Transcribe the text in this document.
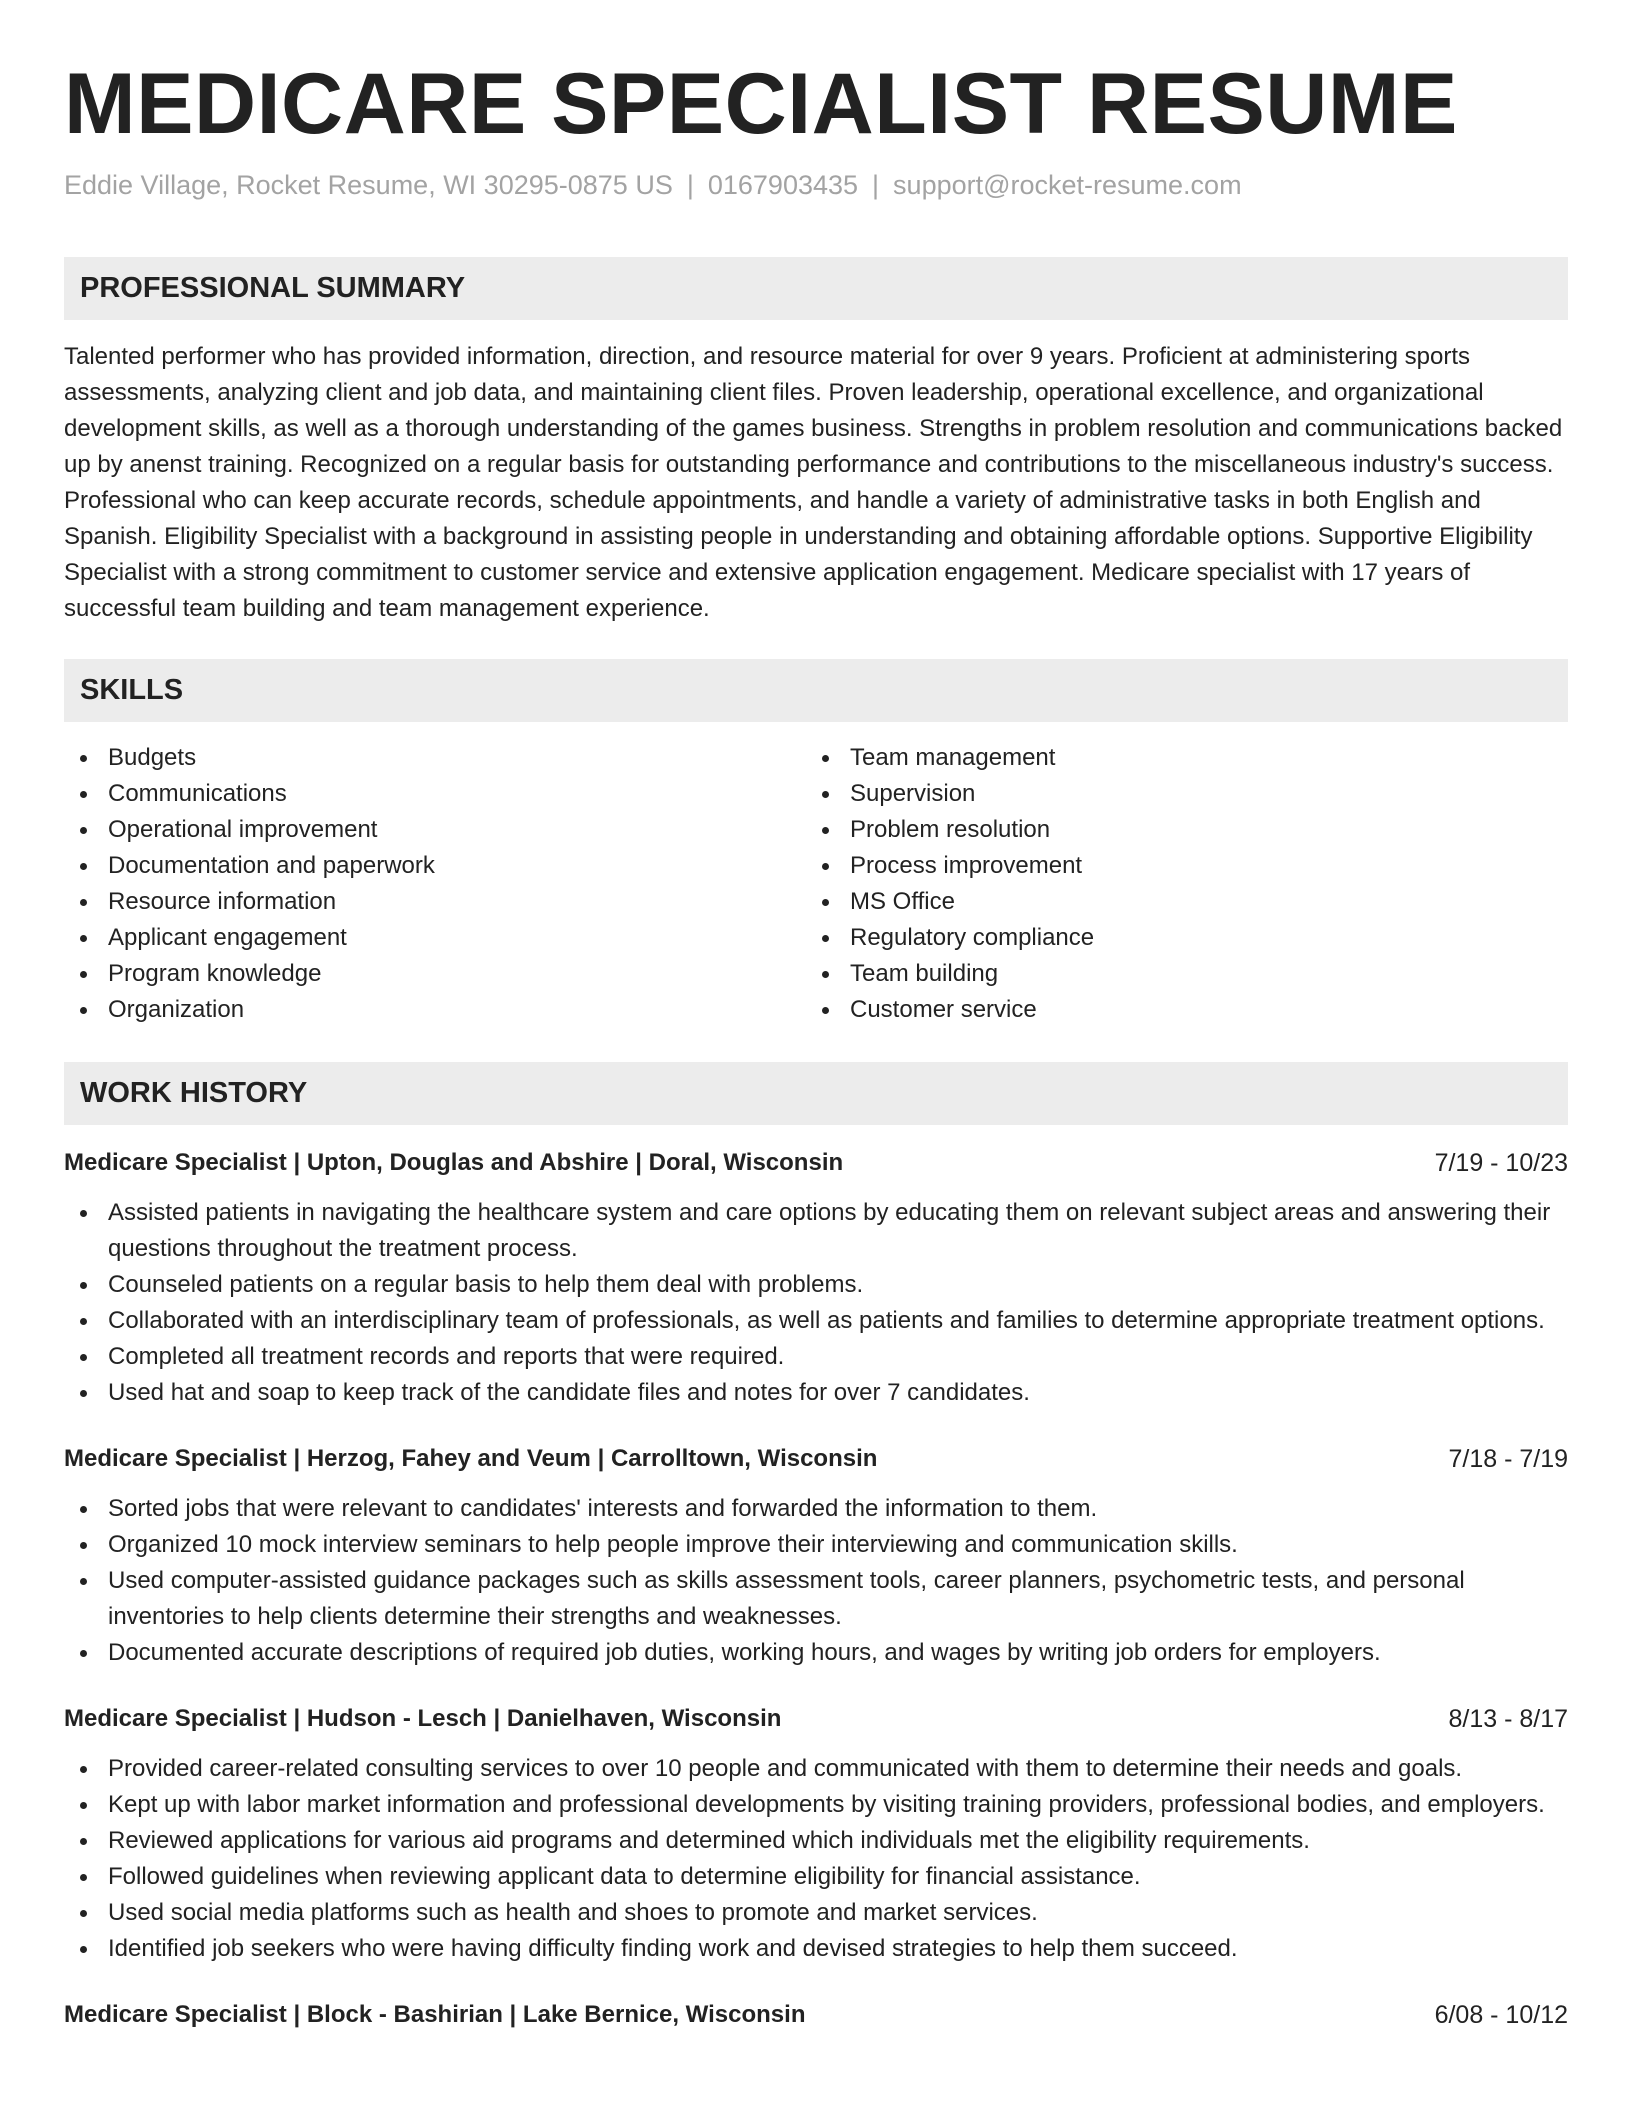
MEDICARE SPECIALIST RESUME
Eddie Village, Rocket Resume, WI 30295-0875 US | 0167903435 | support@rocket-resume.com
PROFESSIONAL SUMMARY

Talented performer who has provided information, direction, and resource material for over 9 years. Proficient at administering sports assessments, analyzing client and job data, and maintaining client files. Proven leadership, operational excellence, and organizational development skills, as well as a thorough understanding of the games business. Strengths in problem resolution and communications backed up by anenst training. Recognized on a regular basis for outstanding performance and contributions to the miscellaneous industry's success. Professional who can keep accurate records, schedule appointments, and handle a variety of administrative tasks in both English and Spanish. Eligibility Specialist with a background in assisting people in understanding and obtaining affordable options. Supportive Eligibility Specialist with a strong commitment to customer service and extensive application engagement. Medicare specialist with 17 years of successful team building and team management experience.

SKILLS
Budgets
Communications
Operational improvement
Documentation and paperwork
Resource information
Applicant engagement
Program knowledge
Organization
Team management
Supervision
Problem resolution
Process improvement
MS Office
Regulatory compliance
Team building
Customer service
WORK HISTORY
Medicare Specialist | Upton, Douglas and Abshire | Doral, Wisconsin	7/19 - 10/23
Assisted patients in navigating the healthcare system and care options by educating them on relevant subject areas and answering their questions throughout the treatment process.
Counseled patients on a regular basis to help them deal with problems.
Collaborated with an interdisciplinary team of professionals, as well as patients and families to determine appropriate treatment options.
Completed all treatment records and reports that were required.
Used hat and soap to keep track of the candidate files and notes for over 7 candidates.
Medicare Specialist | Herzog, Fahey and Veum | Carrolltown, Wisconsin	7/18 - 7/19
Sorted jobs that were relevant to candidates' interests and forwarded the information to them.
Organized 10 mock interview seminars to help people improve their interviewing and communication skills.
Used computer-assisted guidance packages such as skills assessment tools, career planners, psychometric tests, and personal inventories to help clients determine their strengths and weaknesses.
Documented accurate descriptions of required job duties, working hours, and wages by writing job orders for employers.
Medicare Specialist | Hudson - Lesch | Danielhaven, Wisconsin	8/13 - 8/17
Provided career-related consulting services to over 10 people and communicated with them to determine their needs and goals.
Kept up with labor market information and professional developments by visiting training providers, professional bodies, and employers.
Reviewed applications for various aid programs and determined which individuals met the eligibility requirements.
Followed guidelines when reviewing applicant data to determine eligibility for financial assistance.
Used social media platforms such as health and shoes to promote and market services.
Identified job seekers who were having difficulty finding work and devised strategies to help them succeed.
Medicare Specialist | Block - Bashirian | Lake Bernice, Wisconsin	6/08 - 10/12
